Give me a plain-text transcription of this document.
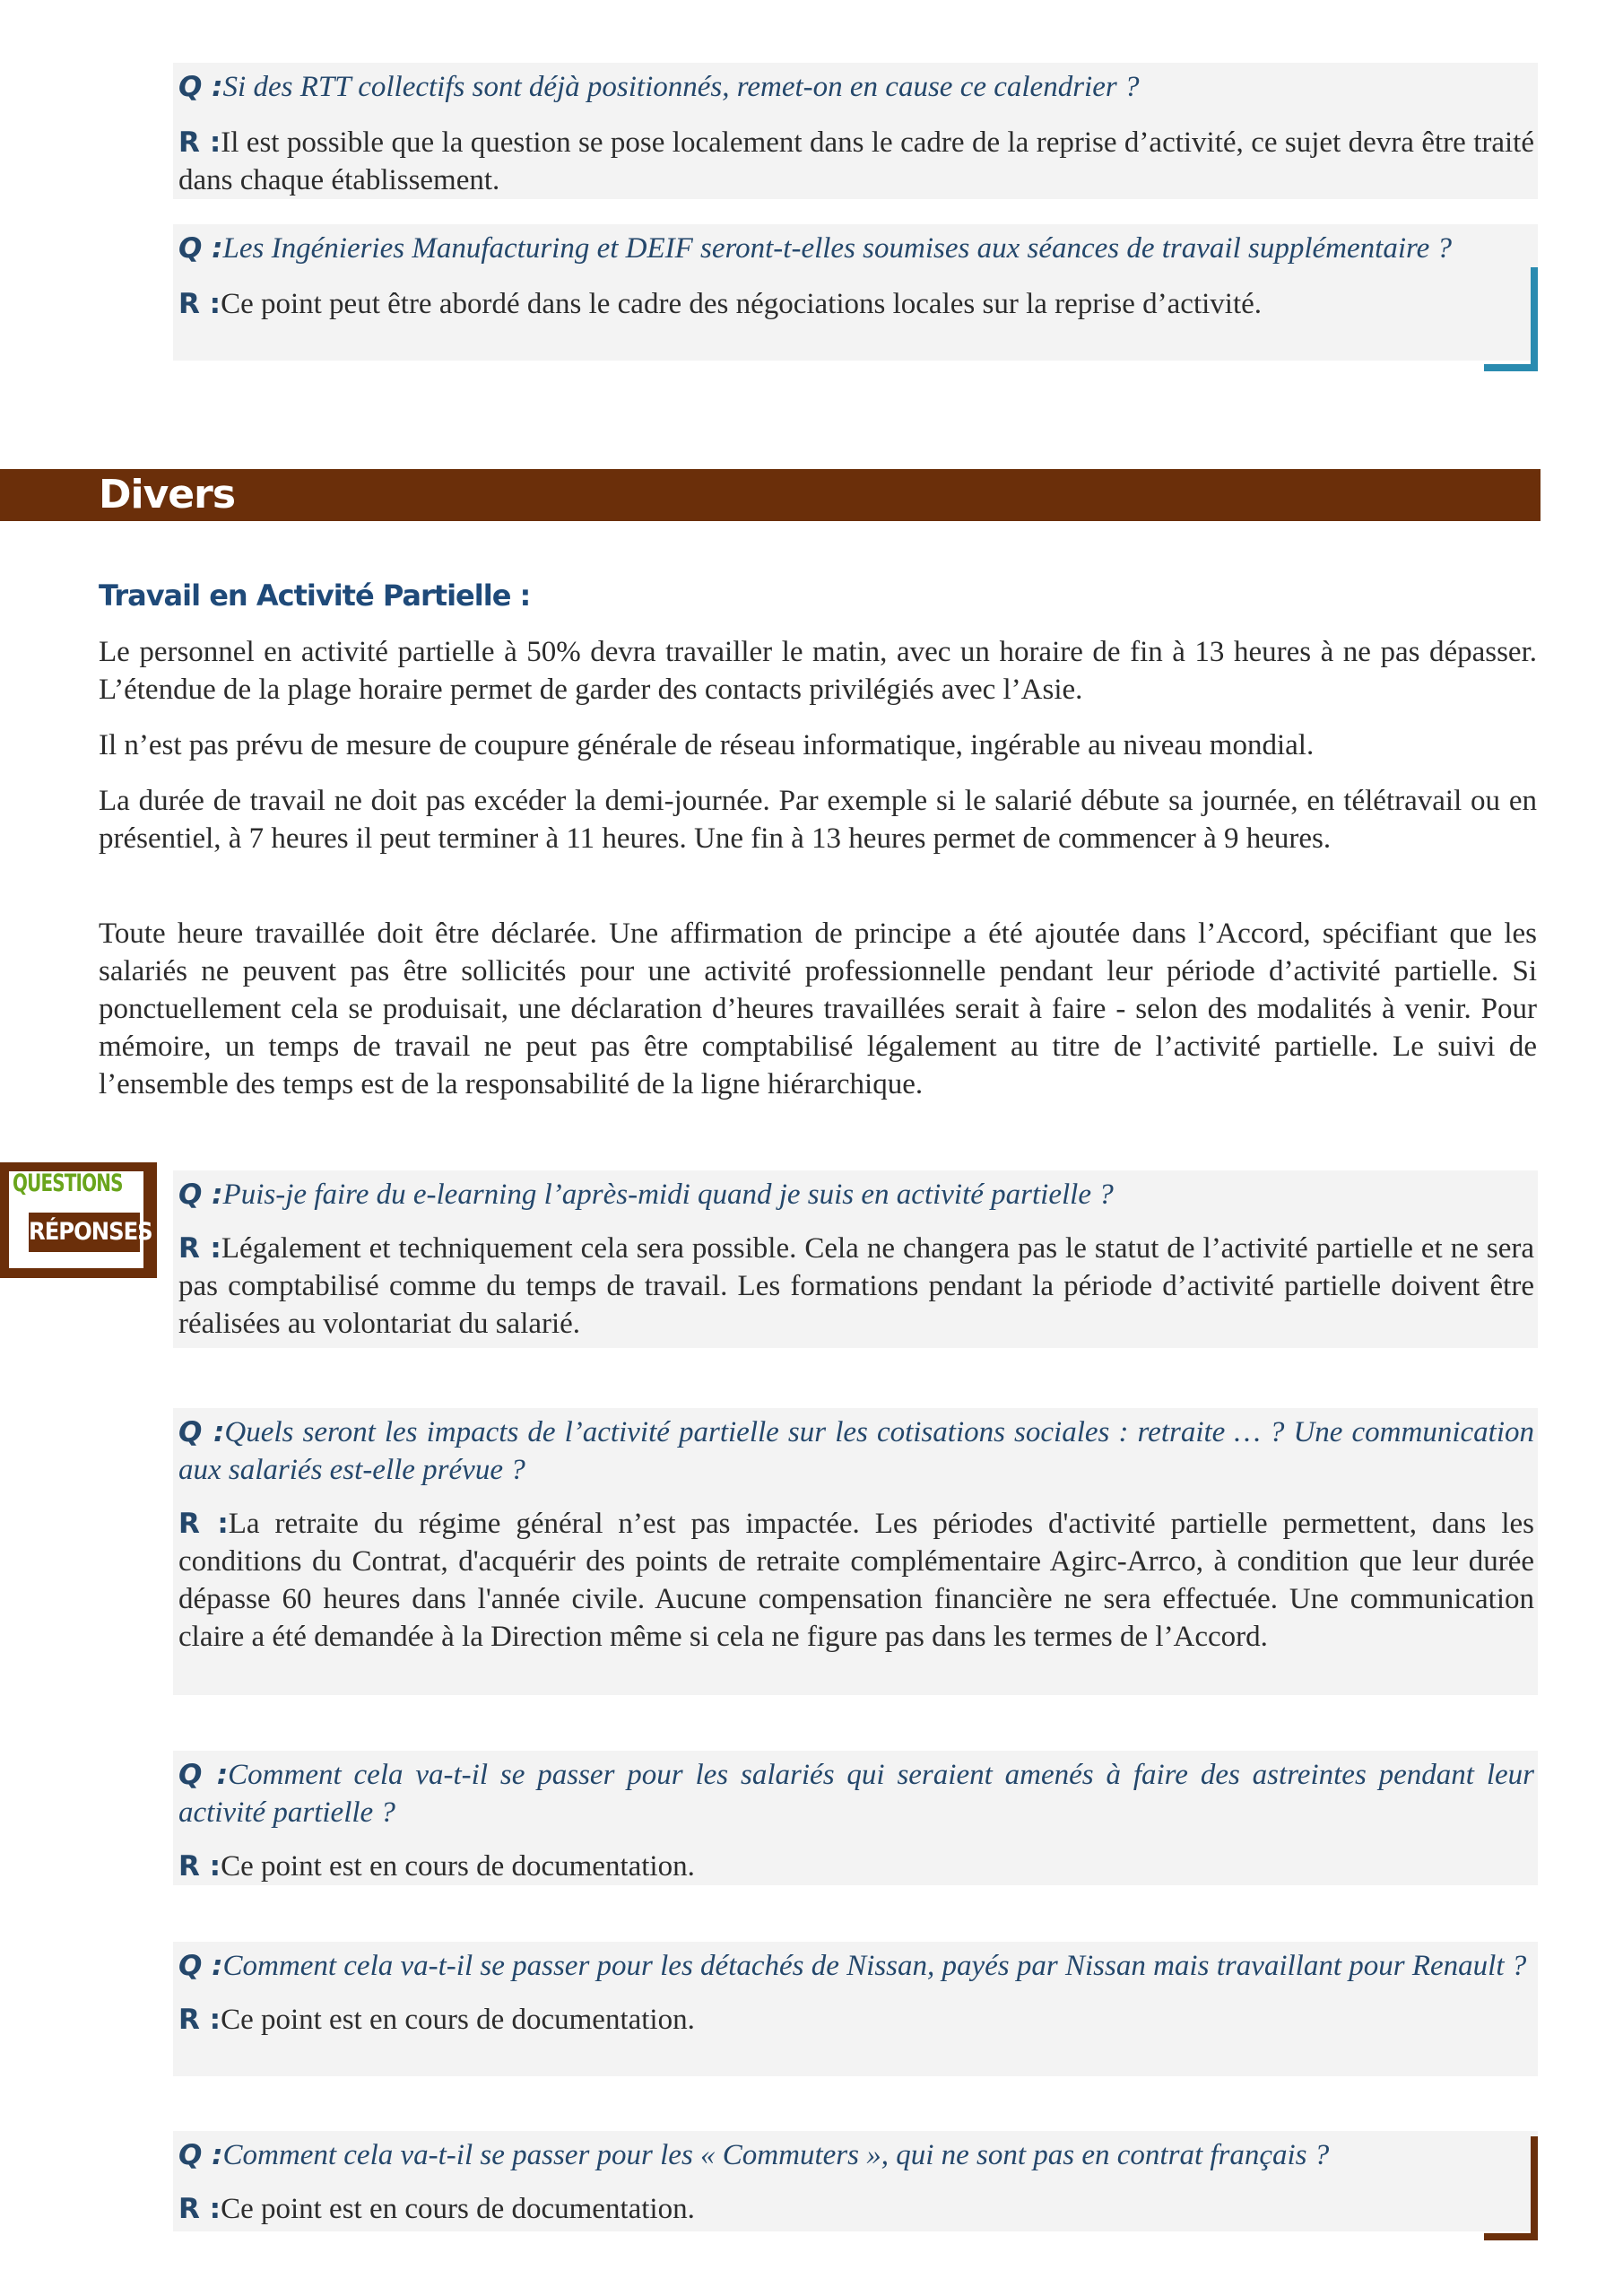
Q :Si des RTT collectifs sont déjà positionnés, remet-on en cause ce calendrier ?

R :Il est possible que la question se pose localement dans le cadre de la reprise d’activité, ce sujet devra être traité dans chaque établissement.

Q :Les Ingénieries Manufacturing et DEIF seront-t-elles soumises aux séances de travail supplémentaire ?

R :Ce point peut être abordé dans le cadre des négociations locales sur la reprise d’activité.

Divers
Travail en Activité Partielle :

Le personnel en activité partielle à 50% devra travailler le matin, avec un horaire de fin à 13 heures à ne pas dépasser. L’étendue de la plage horaire permet de garder des contacts privilégiés avec l’Asie.

Il n’est pas prévu de mesure de coupure générale de réseau informatique, ingérable au niveau mondial.

La durée de travail ne doit pas excéder la demi-journée. Par exemple si le salarié débute sa journée, en télétravail ou en présentiel, à 7 heures il peut terminer à 11 heures. Une fin à 13 heures permet de commencer à 9 heures.

Toute heure travaillée doit être déclarée. Une affirmation de principe a été ajoutée dans l’Accord, spécifiant que les salariés ne peuvent pas être sollicités pour une activité professionnelle pendant leur période d’activité partielle. Si ponctuellement cela se produisait, une déclaration d’heures travaillées serait à faire - selon des modalités à venir. Pour mémoire, un temps de travail ne peut pas être comptabilisé légalement au titre de l’activité partielle. Le suivi de l’ensemble des temps est de la responsabilité de la ligne hiérarchique.

QUESTIONS
RÉPONSES

Q :Puis-je faire du e-learning l’après-midi quand je suis en activité partielle ?

R :Légalement et techniquement cela sera possible. Cela ne changera pas le statut de l’activité partielle et ne sera pas comptabilisé comme du temps de travail. Les formations pendant la période d’activité partielle doivent être réalisées au volontariat du salarié.

Q :Quels seront les impacts de l’activité partielle sur les cotisations sociales : retraite … ? Une communication aux salariés est-elle prévue ?

R :La retraite du régime général n’est pas impactée. Les périodes d'activité partielle permettent, dans les conditions du Contrat, d'acquérir des points de retraite complémentaire Agirc-Arrco, à condition que leur durée dépasse 60 heures dans l'année civile. Aucune compensation financière ne sera effectuée. Une communication claire a été demandée à la Direction même si cela ne figure pas dans les termes de l’Accord.

Q :Comment cela va-t-il se passer pour les salariés qui seraient amenés à faire des astreintes pendant leur activité partielle ?

R :Ce point est en cours de documentation.

Q :Comment cela va-t-il se passer pour les détachés de Nissan, payés par Nissan mais travaillant pour Renault ?

R :Ce point est en cours de documentation.

Q :Comment cela va-t-il se passer pour les « Commuters », qui ne sont pas en contrat français ?

R :Ce point est en cours de documentation.
